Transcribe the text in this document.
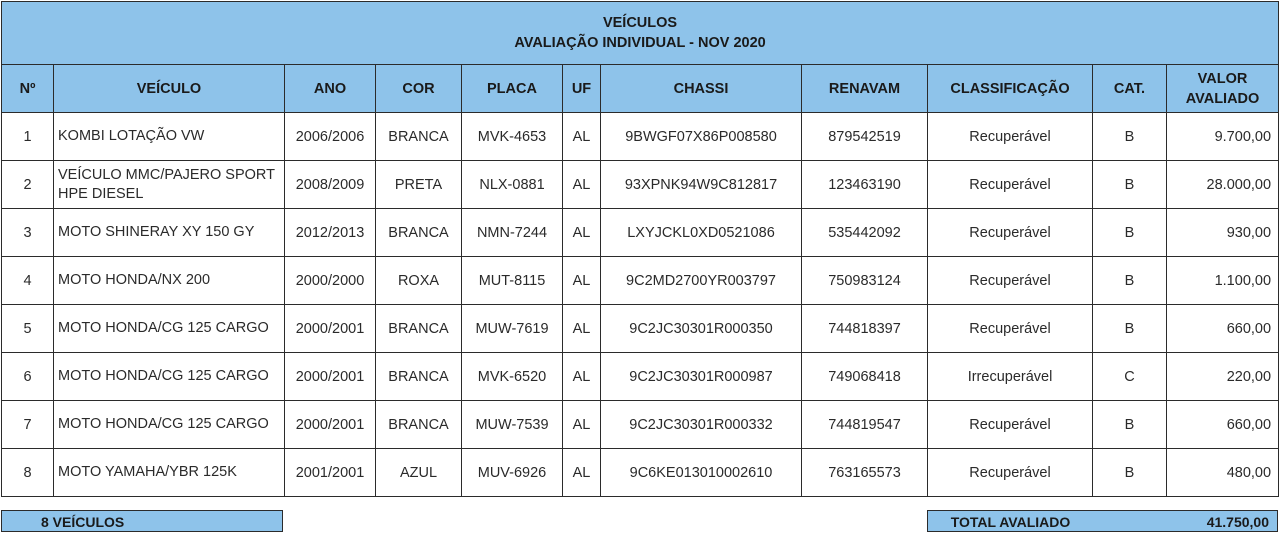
VEÍCULOS
AVALIAÇÃO INDIVIDUAL - NOV 2020										

Nº	VEÍCULO	ANO	COR	PLACA	UF	CHASSI	RENAVAM	CLASSIFICAÇÃO	CAT.	VALOR
AVALIADO

1	KOMBI LOTAÇÃO VW	2006/2006	BRANCA	MVK-4653	AL	9BWGF07X86P008580	879542519	Recuperável	B	9.700,00
2	VEÍCULO MMC/PAJERO SPORT HPE DIESEL	2008/2009	PRETA	NLX-0881	AL	93XPNK94W9C812817	123463190	Recuperável	B	28.000,00
3	MOTO SHINERAY XY 150 GY	2012/2013	BRANCA	NMN-7244	AL	LXYJCKL0XD0521086	535442092	Recuperável	B	930,00
4	MOTO HONDA/NX 200	2000/2000	ROXA	MUT-8115	AL	9C2MD2700YR003797	750983124	Recuperável	B	1.100,00
5	MOTO HONDA/CG 125 CARGO	2000/2001	BRANCA	MUW-7619	AL	9C2JC30301R000350	744818397	Recuperável	B	660,00
6	MOTO HONDA/CG 125 CARGO	2000/2001	BRANCA	MVK-6520	AL	9C2JC30301R000987	749068418	Irrecuperável	C	220,00
7	MOTO HONDA/CG 125 CARGO	2000/2001	BRANCA	MUW-7539	AL	9C2JC30301R000332	744819547	Recuperável	B	660,00
8	MOTO YAMAHA/YBR 125K	2001/2001	AZUL	MUV-6926	AL	9C6KE013010002610	763165573	Recuperável	B	480,00
8 VEÍCULOS	TOTAL AVALIADO	41.750,00
